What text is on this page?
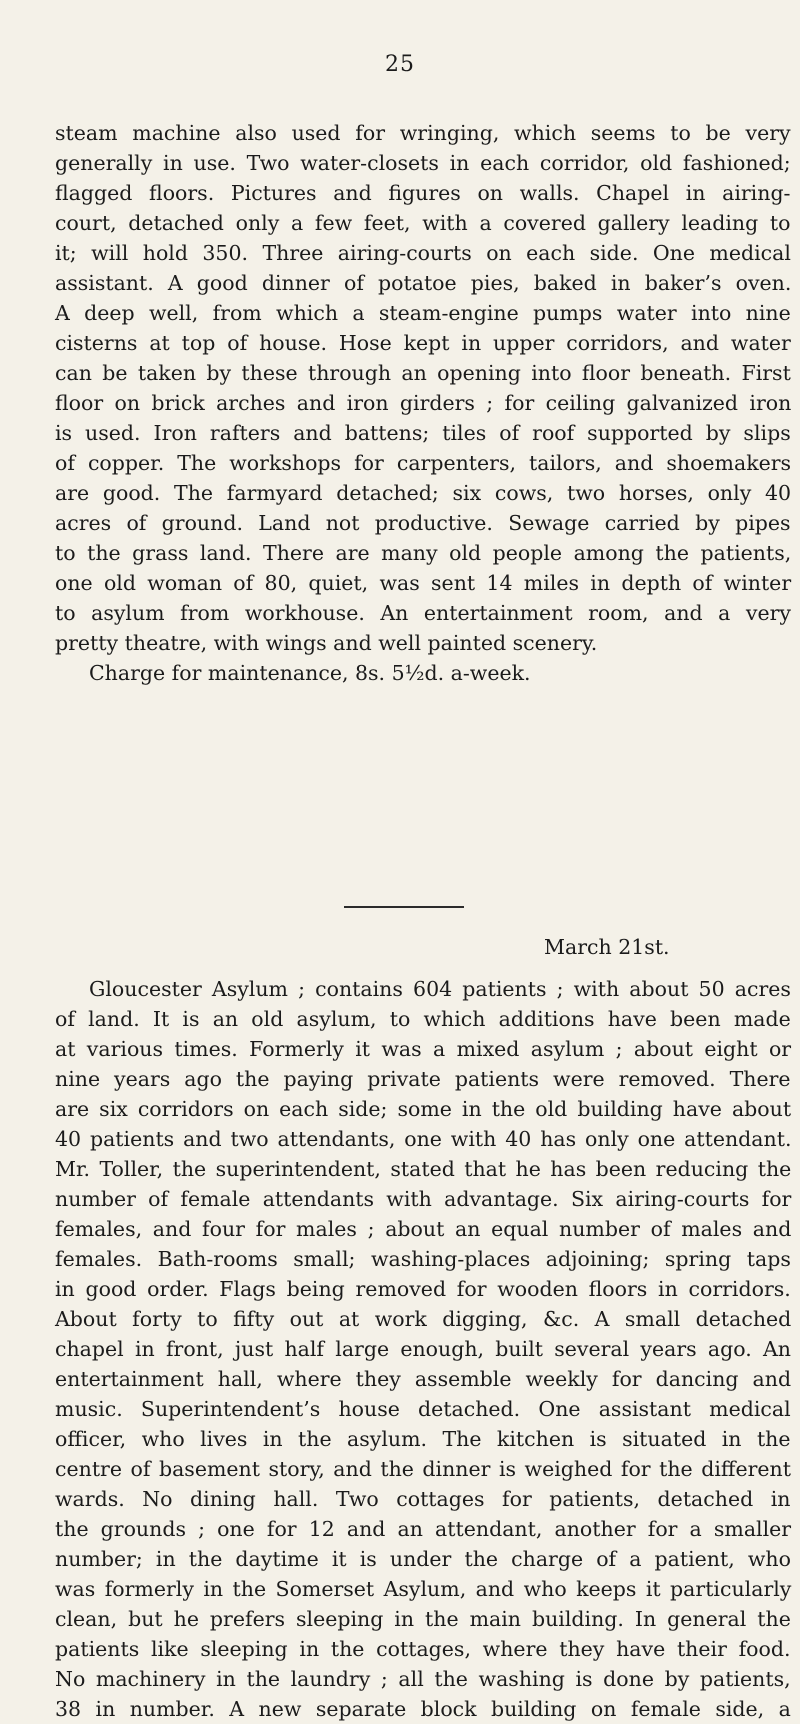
25
steam machine also used for wringing, which seems to be very
generally in use. Two water-closets in each corridor, old fashioned;
flagged floors. Pictures and figures on walls. Chapel in airing-
court, detached only a few feet, with a covered gallery leading to
it; will hold 350. Three airing-courts on each side. One medical
assistant. A good dinner of potatoe pies, baked in baker’s oven.
A deep well, from which a steam-engine pumps water into nine
cisterns at top of house. Hose kept in upper corridors, and water
can be taken by these through an opening into floor beneath. First
floor on brick arches and iron girders ; for ceiling galvanized iron
is used. Iron rafters and battens; tiles of roof supported by slips
of copper. The workshops for carpenters, tailors, and shoemakers
are good. The farmyard detached; six cows, two horses, only 40
acres of ground. Land not productive. Sewage carried by pipes
to the grass land. There are many old people among the patients,
one old woman of 80, quiet, was sent 14 miles in depth of winter
to asylum from workhouse. An entertainment room, and a very
pretty theatre, with wings and well painted scenery.
Charge for maintenance, 8s. 5½d. a-week.
March 21st.
Gloucester Asylum ; contains 604 patients ; with about 50 acres
of land. It is an old asylum, to which additions have been made
at various times. Formerly it was a mixed asylum ; about eight or
nine years ago the paying private patients were removed. There
are six corridors on each side; some in the old building have about
40 patients and two attendants, one with 40 has only one attendant.
Mr. Toller, the superintendent, stated that he has been reducing the
number of female attendants with advantage. Six airing-courts for
females, and four for males ; about an equal number of males and
females. Bath-rooms small; washing-places adjoining; spring taps
in good order. Flags being removed for wooden floors in corridors.
About forty to fifty out at work digging, &c. A small detached
chapel in front, just half large enough, built several years ago. An
entertainment hall, where they assemble weekly for dancing and
music. Superintendent’s house detached. One assistant medical
officer, who lives in the asylum. The kitchen is situated in the
centre of basement story, and the dinner is weighed for the different
wards. No dining hall. Two cottages for patients, detached in
the grounds ; one for 12 and an attendant, another for a smaller
number; in the daytime it is under the charge of a patient, who
was formerly in the Somerset Asylum, and who keeps it particularly
clean, but he prefers sleeping in the main building. In general the
patients like sleeping in the cottages, where they have their food.
No machinery in the laundry ; all the washing is done by patients,
38 in number. A new separate block building on female side, a
